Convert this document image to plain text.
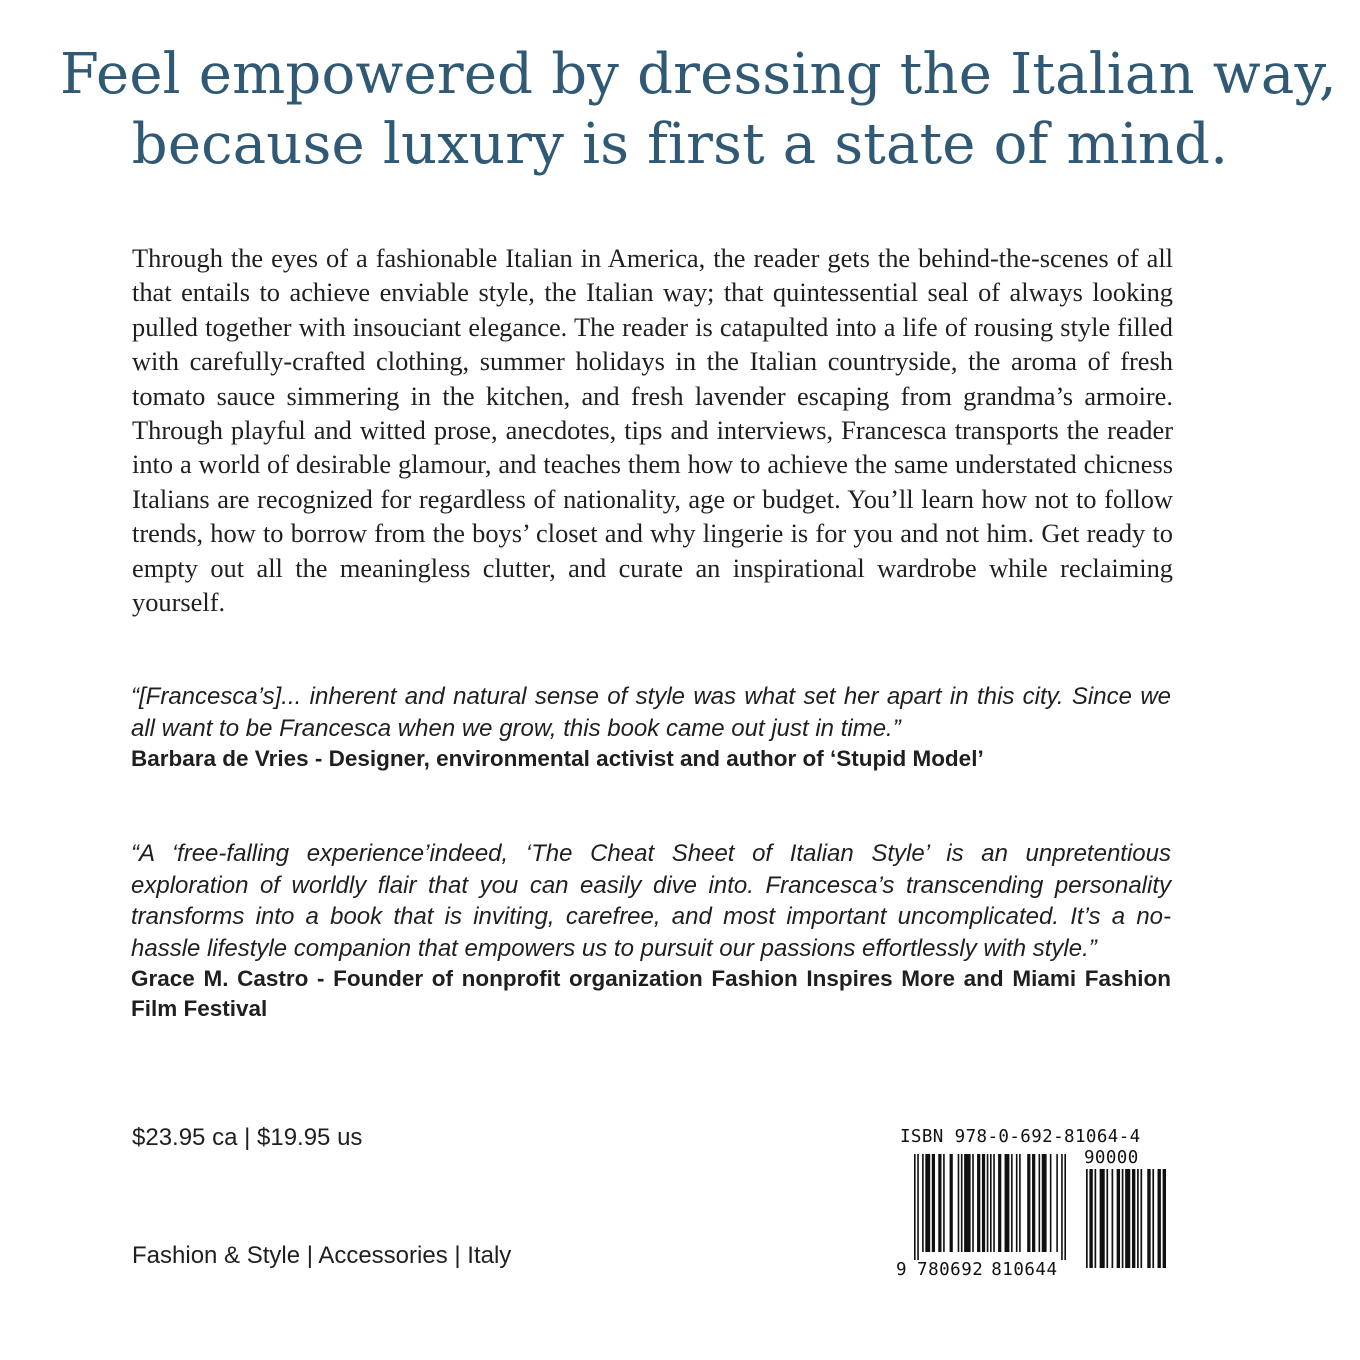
Feel empowered by dressing the Italian way,
because luxury is first a state of mind.

Through the eyes of a fashionable Italian in America, the reader gets the behind-the-scenes of all that entails to achieve enviable style, the Italian way; that quintessential seal of always looking pulled together with insouciant elegance. The reader is catapulted into a life of rousing style filled with carefully-crafted clothing, summer holidays in the Italian countryside, the aroma of fresh tomato sauce simmering in the kitchen, and fresh lavender escaping from grandma’s armoire. Through playful and witted prose, anecdotes, tips and interviews, Francesca transports the reader into a world of desirable glamour, and teaches them how to achieve the same understated chicness Italians are recognized for regardless of nationality, age or budget. You’ll learn how not to follow trends, how to borrow from the boys’ closet and why lingerie is for you and not him. Get ready to empty out all the meaningless clutter, and curate an inspirational wardrobe while reclaiming yourself.

“[Francesca’s]... inherent and natural sense of style was what set her apart in this city. Since we all want to be Francesca when we grow, this book came out just in time.”

Barbara de Vries - Designer, environmental activist and author of ‘Stupid Model’

“A ‘free-falling experience’indeed, ‘The Cheat Sheet of Italian Style’ is an unpretentious exploration of worldly flair that you can easily dive into. Francesca’s transcending personality transforms into a book that is inviting, carefree, and most important uncomplicated. It’s a no-hassle lifestyle companion that empowers us to pursuit our passions effortlessly with style.”

Grace M. Castro - Founder of nonprofit organization Fashion Inspires More and Miami Fashion Film Festival

$23.95 ca | $19.95 us
Fashion & Style | Accessories | Italy
ISBN 978-0-692-81064-4
90000
9 780692 810644
